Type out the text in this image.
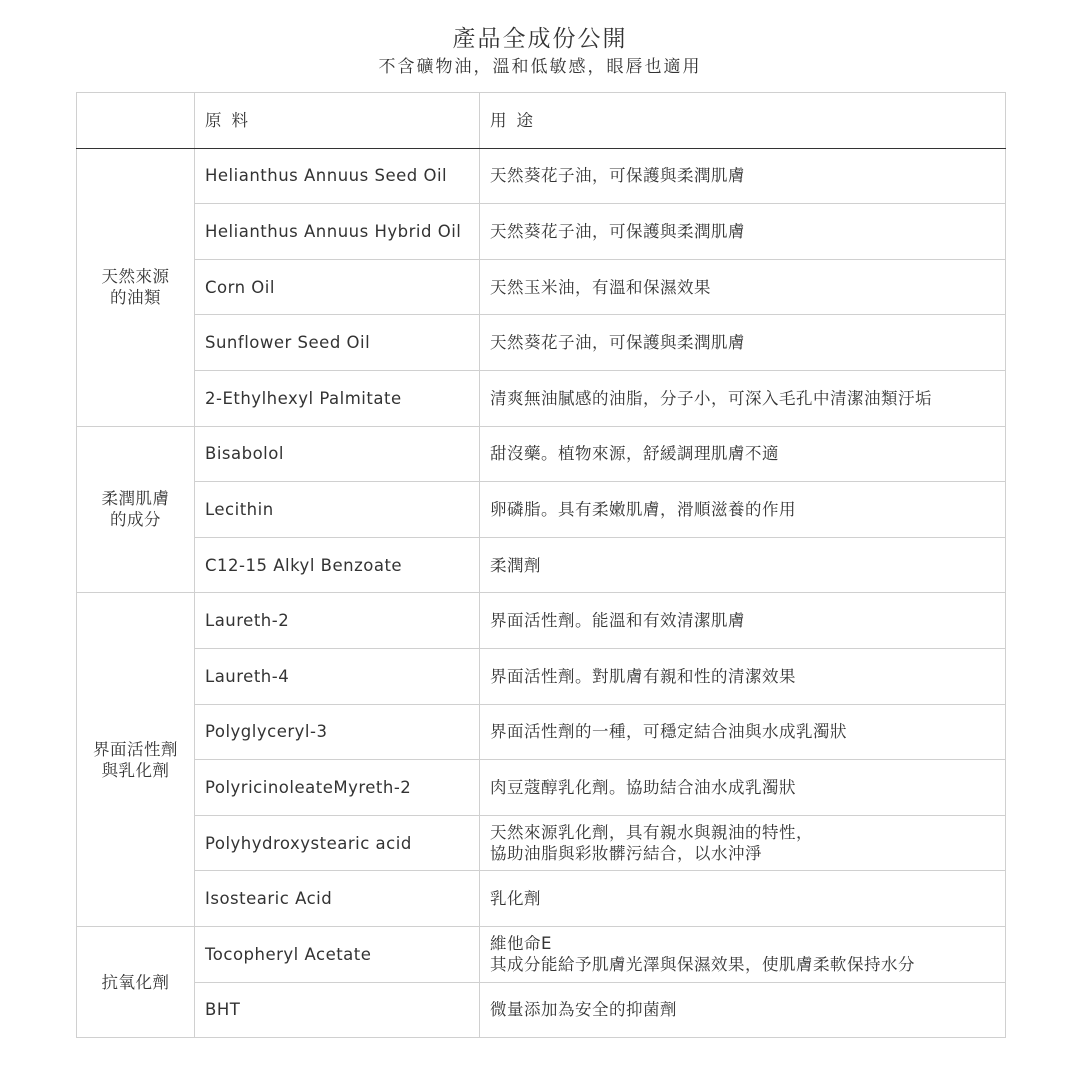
產品全成份公開
不含礦物油，溫和低敏感，眼唇也適用
	原料	用途
天然來源
的油類	Helianthus Annuus Seed Oil	天然葵花子油，可保護與柔潤肌膚
	Helianthus Annuus Hybrid Oil	天然葵花子油，可保護與柔潤肌膚
	Corn Oil	天然玉米油，有溫和保濕效果
	Sunflower Seed Oil	天然葵花子油，可保護與柔潤肌膚
	2-Ethylhexyl Palmitate	清爽無油膩感的油脂，分子小，可深入毛孔中清潔油類汙垢
柔潤肌膚
的成分	Bisabolol	甜沒藥。植物來源，舒緩調理肌膚不適
	Lecithin	卵磷脂。具有柔嫩肌膚，滑順滋養的作用
	C12-15 Alkyl Benzoate	柔潤劑
界面活性劑
與乳化劑	Laureth-2	界面活性劑。能溫和有效清潔肌膚
	Laureth-4	界面活性劑。對肌膚有親和性的清潔效果
	Polyglyceryl-3	界面活性劑的一種，可穩定結合油與水成乳濁狀
	PolyricinoleateMyreth-2	肉豆蔻醇乳化劑。協助結合油水成乳濁狀
	Polyhydroxystearic acid	天然來源乳化劑，具有親水與親油的特性，
協助油脂與彩妝髒污結合，以水沖淨
	Isostearic Acid	乳化劑
抗氧化劑	Tocopheryl Acetate	維他命E
其成分能給予肌膚光澤與保濕效果，使肌膚柔軟保持水分
	BHT	微量添加為安全的抑菌劑
